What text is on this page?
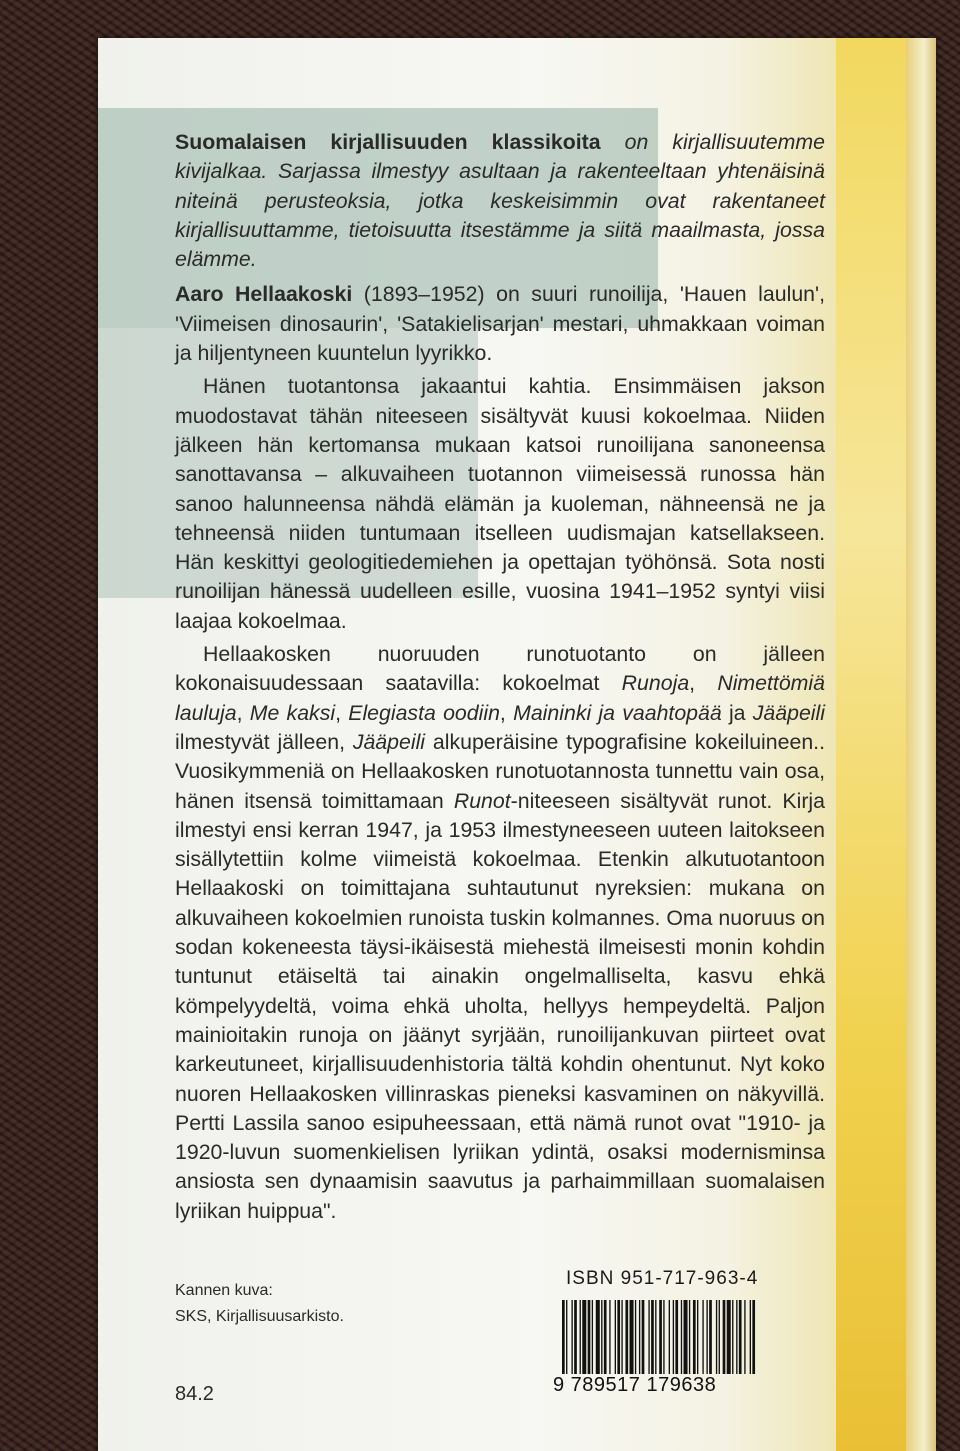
Suomalaisen kirjallisuuden klassikoita on kirjallisuutemme kivijalkaa. Sarjassa ilmestyy asultaan ja rakenteeltaan yhtenäisinä niteinä perusteoksia, jotka keskeisimmin ovat rakentaneet kirjallisuuttamme, tietoisuutta itsestämme ja siitä maailmasta, jossa elämme.

Aaro Hellaakoski (1893–1952) on suuri runoilija, 'Hauen laulun', 'Viimeisen dinosaurin', 'Satakielisarjan' mestari, uhmakkaan voiman ja hiljentyneen kuuntelun lyyrikko.

Hänen tuotantonsa jakaantui kahtia. Ensimmäisen jakson muodostavat tähän niteeseen sisältyvät kuusi kokoelmaa. Niiden jälkeen hän kertomansa mukaan katsoi runoilijana sanoneensa sanottavansa – alkuvaiheen tuotannon viimeisessä runossa hän sanoo halunneensa nähdä elämän ja kuoleman, nähneensä ne ja tehneensä niiden tuntumaan itselleen uudismajan katsellakseen. Hän keskittyi geologitiedemiehen ja opettajan työhönsä. Sota nosti runoilijan hänessä uudelleen esille, vuosina 1941–1952 syntyi viisi laajaa kokoelmaa.

Hellaakosken nuoruuden runotuotanto on jälleen kokonaisuudessaan saatavilla: kokoelmat Runoja, Nimettömiä lauluja, Me kaksi, Elegiasta oodiin, Maininki ja vaahtopää ja Jääpeili ilmestyvät jälleen, Jääpeili alkuperäisine typografisine kokeiluineen.. Vuosikymmeniä on Hellaakosken runotuotannosta tunnettu vain osa, hänen itsensä toimittamaan Runot-niteeseen sisältyvät runot. Kirja ilmestyi ensi kerran 1947, ja 1953 ilmestyneeseen uuteen laitokseen sisällytettiin kolme viimeistä kokoelmaa. Etenkin alkutuotantoon Hellaakoski on toimittajana suhtautunut nyreksien: mukana on alkuvaiheen kokoelmien runoista tuskin kolmannes. Oma nuoruus on sodan kokeneesta täysi-ikäisestä miehestä ilmeisesti monin kohdin tuntunut etäiseltä tai ainakin ongelmalliselta, kasvu ehkä kömpelyydeltä, voima ehkä uholta, hellyys hempeydeltä. Paljon mainioitakin runoja on jäänyt syrjään, runoilijankuvan piirteet ovat karkeutuneet, kirjallisuudenhistoria tältä kohdin ohentunut. Nyt koko nuoren Hellaakosken villinraskas pieneksi kasvaminen on näkyvillä. Pertti Lassila sanoo esipuheessaan, että nämä runot ovat "1910- ja 1920-luvun suomenkielisen lyriikan ydintä, osaksi modernisminsa ansiosta sen dynaamisin saavutus ja parhaimmillaan suomalaisen lyriikan huippua".

Kannen kuva:
SKS, Kirjallisuusarkisto.
84.2
ISBN 951-717-963-4
9 789517 179638
